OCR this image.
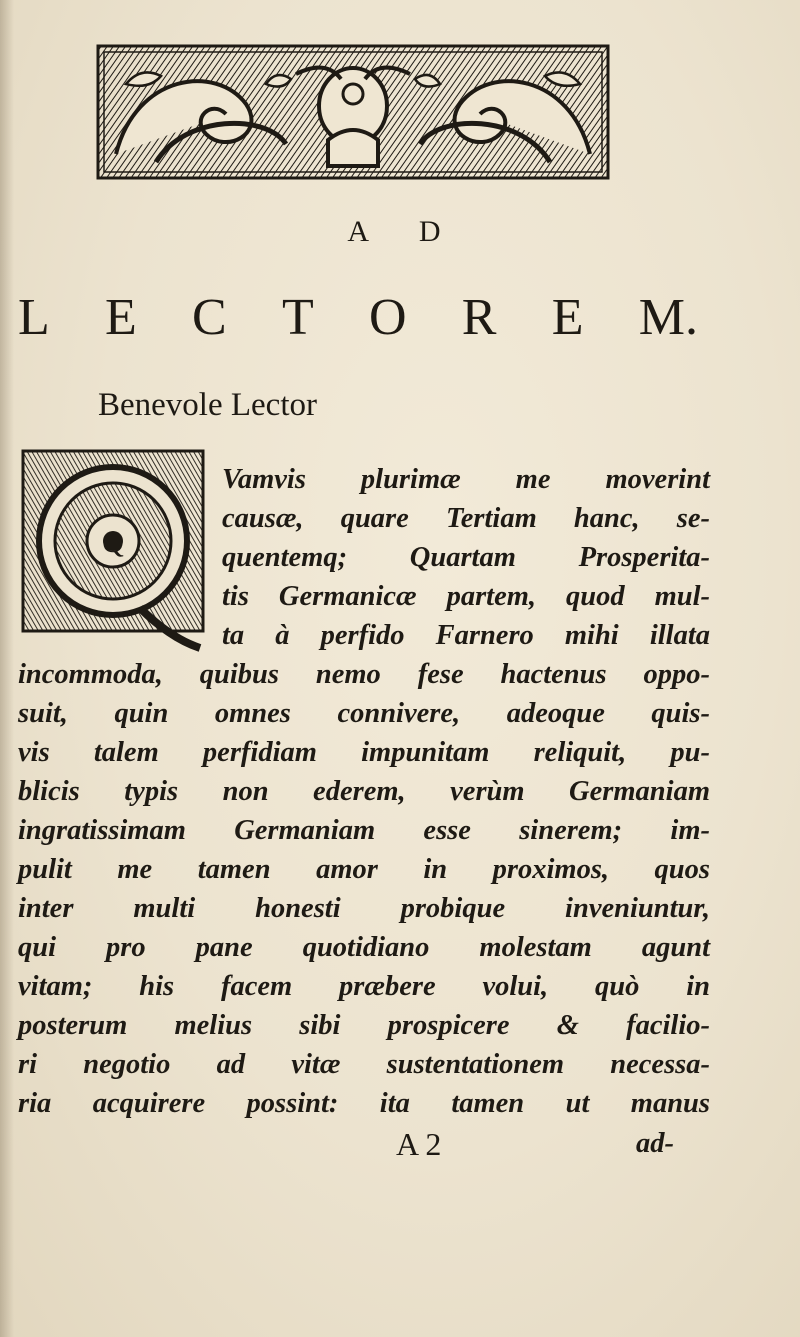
A D
L E C T O R E M.
Benevole Lector
Q
Vamvis plurimæ me moverint
causæ, quare Tertiam hanc, se-
quentemq; Quartam Prosperita-
tis Germanicæ partem, quod mul-
ta à perfido Farnero mihi illata
incommoda, quibus nemo fese hactenus oppo-
suit, quin omnes connivere, adeoque quis-
vis talem perfidiam impunitam reliquit, pu-
blicis typis non ederem, verùm Germaniam
ingratissimam Germaniam esse sinerem; im-
pulit me tamen amor in proximos, quos
inter multi honesti probique inveniuntur,
qui pro pane quotidiano molestam agunt
vitam; his facem præbere volui, quò in
posterum melius sibi prospicere & facilio-
ri negotio ad vitæ sustentationem necessa-
ria acquirere possint: ita tamen ut manus
A 2	ad-
